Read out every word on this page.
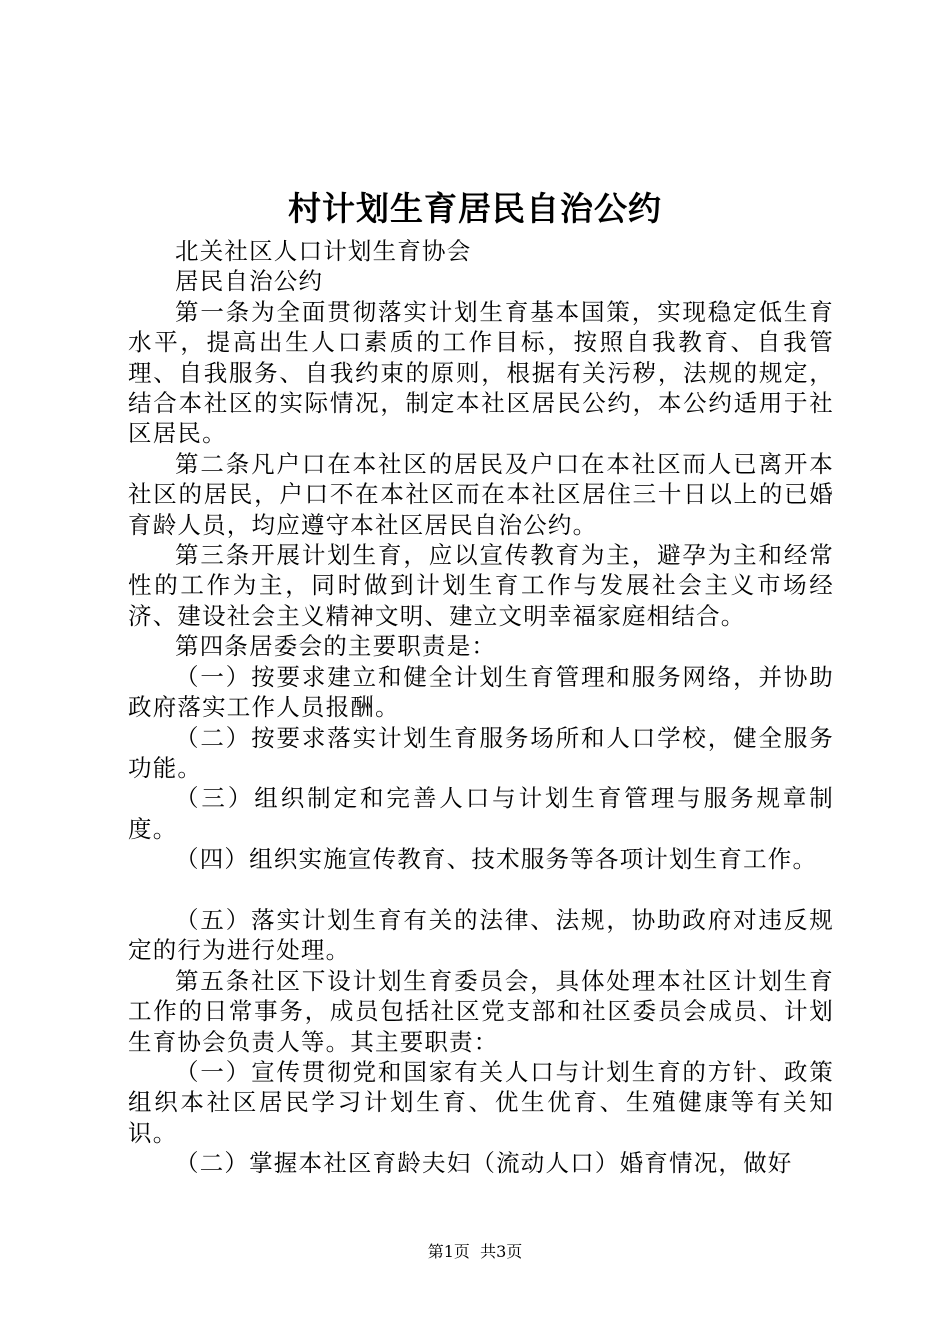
村计划生育居民自治公约

北关社区人口计划生育协会

居民自治公约

第一条为全面贯彻落实计划生育基本国策，实现稳定低生育水平，提高出生人口素质的工作目标，按照自我教育、自我管理、自我服务、自我约束的原则，根据有关污秽，法规的规定，结合本社区的实际情况，制定本社区居民公约，本公约适用于社区居民。

第二条凡户口在本社区的居民及户口在本社区而人已离开本社区的居民，户口不在本社区而在本社区居住三十日以上的已婚育龄人员，均应遵守本社区居民自治公约。

第三条开展计划生育，应以宣传教育为主，避孕为主和经常性的工作为主，同时做到计划生育工作与发展社会主义市场经济、建设社会主义精神文明、建立文明幸福家庭相结合。

第四条居委会的主要职责是：

（一）按要求建立和健全计划生育管理和服务网络，并协助政府落实工作人员报酬。

（二）按要求落实计划生育服务场所和人口学校，健全服务功能。

（三）组织制定和完善人口与计划生育管理与服务规章制度。

（四）组织实施宣传教育、技术服务等各项计划生育工作。

（五）落实计划生育有关的法律、法规，协助政府对违反规定的行为进行处理。

第五条社区下设计划生育委员会，具体处理本社区计划生育工作的日常事务，成员包括社区党支部和社区委员会成员、计划生育协会负责人等。其主要职责：

（一）宣传贯彻党和国家有关人口与计划生育的方针、政策组织本社区居民学习计划生育、优生优育、生殖健康等有关知识。

（二）掌握本社区育龄夫妇（流动人口）婚育情况，做好

第1页 共3页
